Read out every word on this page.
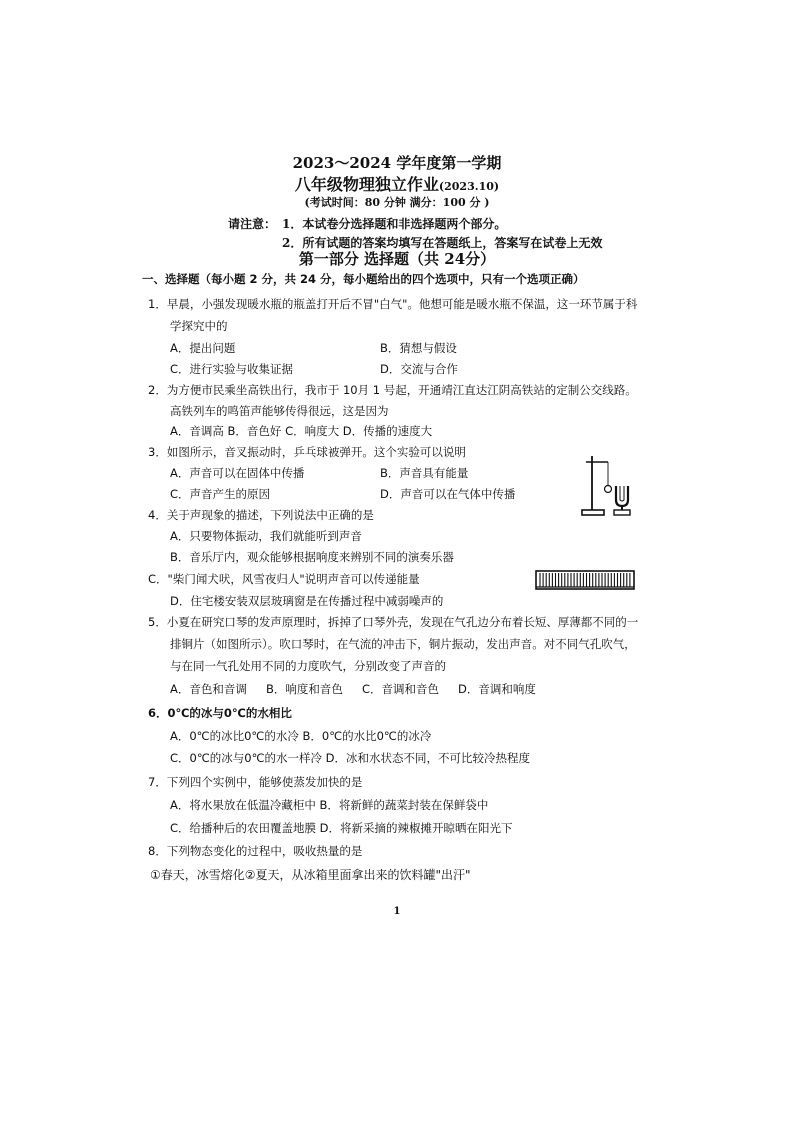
2023～2024 学年度第一学期
八年级物理独立作业(2023.10)
(考试时间：80 分钟 满分：100 分 )
请注意： 1．本试卷分选择题和非选择题两个部分。
2．所有试题的答案均填写在答题纸上，答案写在试卷上无效
第一部分 选择题（共 24分）
一、选择题（每小题 2 分，共 24 分，每小题给出的四个选项中，只有一个选项正确）
1．早晨，小强发现暖水瓶的瓶盖打开后不冒"白气"。他想可能是暖水瓶不保温，这一环节属于科
学探究中的
A．提出问题	B．猜想与假设
C．进行实验与收集证据	D．交流与合作
2．为方便市民乘坐高铁出行，我市于 10月 1 号起，开通靖江直达江阴高铁站的定制公交线路。
高铁列车的鸣笛声能够传得很远，这是因为
A．音调高 B．音色好 C．响度大 D．传播的速度大
3．如图所示，音叉振动时，乒乓球被弹开。这个实验可以说明
A．声音可以在固体中传播	B．声音具有能量
C．声音产生的原因	D．声音可以在气体中传播
4．关于声现象的描述，下列说法中正确的是
A．只要物体振动，我们就能听到声音
B．音乐厅内，观众能够根据响度来辨别不同的演奏乐器
C．"柴门闻犬吠，风雪夜归人"说明声音可以传递能量
D．住宅楼安装双层玻璃窗是在传播过程中减弱噪声的
5．小夏在研究口琴的发声原理时，拆掉了口琴外壳，发现在气孔边分布着长短、厚薄都不同的一
排铜片（如图所示）。吹口琴时，在气流的冲击下，铜片振动，发出声音。对不同气孔吹气，
与在同一气孔处用不同的力度吹气，分别改变了声音的
A．音色和音调 B．响度和音色 C．音调和音色 D．音调和响度
6．0℃的冰与0℃的水相比
A．0℃的冰比0℃的水冷 B．0℃的水比0℃的冰冷
C．0℃的冰与0℃的水一样冷 D．冰和水状态不同，不可比较冷热程度
7．下列四个实例中，能够使蒸发加快的是
A．将水果放在低温冷藏柜中 B．将新鲜的蔬菜封装在保鲜袋中
C．给播种后的农田覆盖地膜 D．将新采摘的辣椒摊开晾晒在阳光下
8．下列物态变化的过程中，吸收热量的是
①春天，冰雪熔化②夏天，从冰箱里面拿出来的饮料罐"出汗"
1
